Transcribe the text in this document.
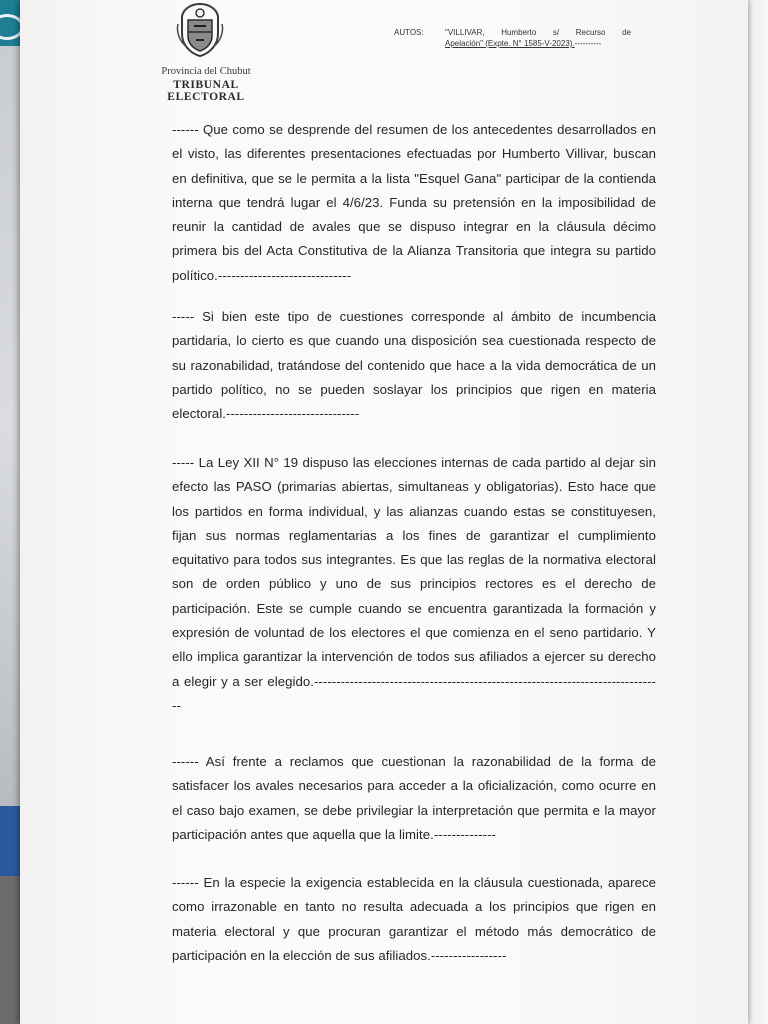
Provincia del Chubut
TRIBUNAL ELECTORAL
AUTOS:	"VILLIVAR, Humberto s/ Recurso de
Apelación" (Expte. N° 1585-V-2023).----------

------ Que como se desprende del resumen de los antecedentes desarrollados en el visto, las diferentes presentaciones efectuadas por Humberto Villivar, buscan en definitiva, que se le permita a la lista "Esquel Gana" participar de la contienda interna que tendrá lugar el 4/6/23. Funda su pretensión en la imposibilidad de reunir la cantidad de avales que se dispuso integrar en la cláusula décimo primera bis del Acta Constitutiva de la Alianza Transitoria que integra su partido político.------------------------------

----- Si bien este tipo de cuestiones corresponde al ámbito de incumbencia partidaria, lo cierto es que cuando una disposición sea cuestionada respecto de su razonabilidad, tratándose del contenido que hace a la vida democrática de un partido político, no se pueden soslayar los principios que rigen en materia electoral.------------------------------

----- La Ley XII N° 19 dispuso las elecciones internas de cada partido al dejar sin efecto las PASO (primarias abiertas, simultaneas y obligatorias). Esto hace que los partidos en forma individual, y las alianzas cuando estas se constituyesen, fijan sus normas reglamentarias a los fines de garantizar el cumplimiento equitativo para todos sus integrantes. Es que las reglas de la normativa electoral son de orden público y uno de sus principios rectores es el derecho de participación. Este se cumple cuando se encuentra garantizada la formación y expresión de voluntad de los electores el que comienza en el seno partidario. Y ello implica garantizar la intervención de todos sus afiliados a ejercer su derecho a elegir y a ser elegido.-------------------------------------------------------------------------------

------ Así frente a reclamos que cuestionan la razonabilidad de la forma de satisfacer los avales necesarios para acceder a la oficialización, como ocurre en el caso bajo examen, se debe privilegiar la interpretación que permita e la mayor participación antes que aquella que la limite.--------------

------ En la especie la exigencia establecida en la cláusula cuestionada, aparece como irrazonable en tanto no resulta adecuada a los principios que rigen en materia electoral y que procuran garantizar el método más democrático de participación en la elección de sus afiliados.-----------------
